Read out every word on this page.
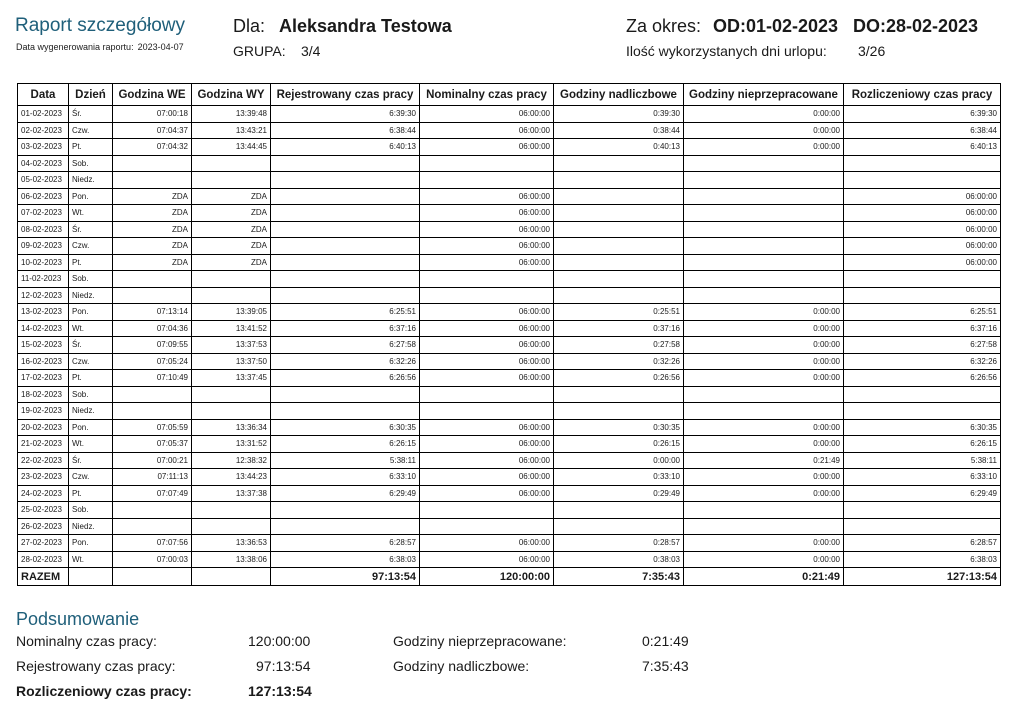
Raport szczegółowy
Data wygenerowania raportu: 2023-04-07
Dla: Aleksandra Testowa
GRUPA: 3/4
Za okres: OD:01-02-2023 DO:28-02-2023
Ilość wykorzystanych dni urlopu: 3/26
Data	Dzień	Godzina WE	Godzina WY	Rejestrowany czas pracy	Nominalny czas pracy	Godziny nadliczbowe	Godziny nieprzepracowane	Rozliczeniowy czas pracy
01-02-2023	Śr.	07:00:18	13:39:48	6:39:30	06:00:00	0:39:30	0:00:00	6:39:30
02-02-2023	Czw.	07:04:37	13:43:21	6:38:44	06:00:00	0:38:44	0:00:00	6:38:44
03-02-2023	Pt.	07:04:32	13:44:45	6:40:13	06:00:00	0:40:13	0:00:00	6:40:13
04-02-2023	Sob.							
05-02-2023	Niedz.							
06-02-2023	Pon.	ZDA	ZDA		06:00:00			06:00:00
07-02-2023	Wt.	ZDA	ZDA		06:00:00			06:00:00
08-02-2023	Śr.	ZDA	ZDA		06:00:00			06:00:00
09-02-2023	Czw.	ZDA	ZDA		06:00:00			06:00:00
10-02-2023	Pt.	ZDA	ZDA		06:00:00			06:00:00
11-02-2023	Sob.							
12-02-2023	Niedz.							
13-02-2023	Pon.	07:13:14	13:39:05	6:25:51	06:00:00	0:25:51	0:00:00	6:25:51
14-02-2023	Wt.	07:04:36	13:41:52	6:37:16	06:00:00	0:37:16	0:00:00	6:37:16
15-02-2023	Śr.	07:09:55	13:37:53	6:27:58	06:00:00	0:27:58	0:00:00	6:27:58
16-02-2023	Czw.	07:05:24	13:37:50	6:32:26	06:00:00	0:32:26	0:00:00	6:32:26
17-02-2023	Pt.	07:10:49	13:37:45	6:26:56	06:00:00	0:26:56	0:00:00	6:26:56
18-02-2023	Sob.							
19-02-2023	Niedz.							
20-02-2023	Pon.	07:05:59	13:36:34	6:30:35	06:00:00	0:30:35	0:00:00	6:30:35
21-02-2023	Wt.	07:05:37	13:31:52	6:26:15	06:00:00	0:26:15	0:00:00	6:26:15
22-02-2023	Śr.	07:00:21	12:38:32	5:38:11	06:00:00	0:00:00	0:21:49	5:38:11
23-02-2023	Czw.	07:11:13	13:44:23	6:33:10	06:00:00	0:33:10	0:00:00	6:33:10
24-02-2023	Pt.	07:07:49	13:37:38	6:29:49	06:00:00	0:29:49	0:00:00	6:29:49
25-02-2023	Sob.							
26-02-2023	Niedz.							
27-02-2023	Pon.	07:07:56	13:36:53	6:28:57	06:00:00	0:28:57	0:00:00	6:28:57
28-02-2023	Wt.	07:00:03	13:38:06	6:38:03	06:00:00	0:38:03	0:00:00	6:38:03
RAZEM				97:13:54	120:00:00	7:35:43	0:21:49	127:13:54
Podsumowanie
Nominalny czas pracy:	120:00:00
Rejestrowany czas pracy:	97:13:54
Rozliczeniowy czas pracy:	127:13:54
Godziny nieprzepracowane:	0:21:49
Godziny nadliczbowe:	7:35:43
